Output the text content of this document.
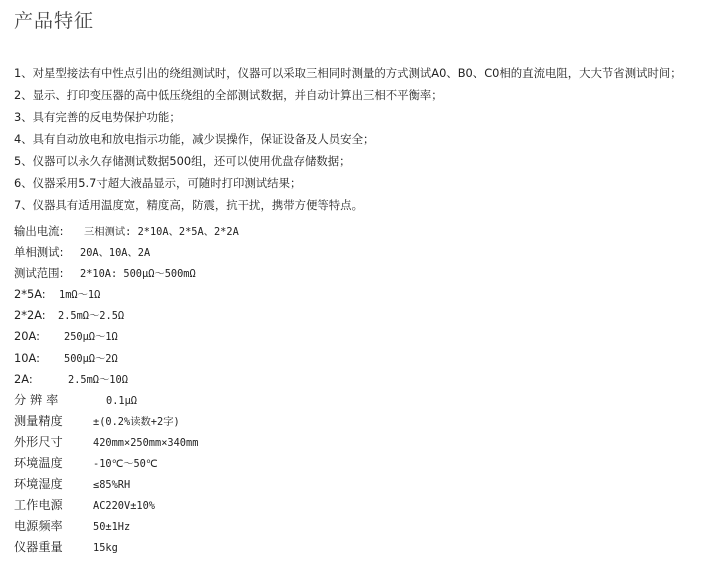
产品特征
1、对星型接法有中性点引出的绕组测试时，仪器可以采取三相同时测量的方式测试A0、B0、C0相的直流电阻，大大节省测试时间；
2、显示、打印变压器的高中低压绕组的全部测试数据，并自动计算出三相不平衡率；
3、具有完善的反电势保护功能；
4、具有自动放电和放电指示功能，减少误操作，保证设备及人员安全；
5、仪器可以永久存储测试数据500组，还可以使用优盘存储数据；
6、仪器采用5.7寸超大液晶显示，可随时打印测试结果；
7、仪器具有适用温度宽，精度高，防震，抗干扰，携带方便等特点。
输出电流: 三相测试: 2*10A、2*5A、2*2A
单相测试: 20A、10A、2A
测试范围: 2*10A: 500μΩ～500mΩ
2*5A: 1mΩ～1Ω
2*2A: 2.5mΩ～2.5Ω
20A: 250μΩ～1Ω
10A: 500μΩ～2Ω
2A:	2.5mΩ～10Ω
分 辨 率	0.1μΩ
测量精度	±(0.2%读数+2字)
外形尺寸	420mm×250mm×340mm
环境温度	-10℃～50℃
环境湿度	≤85%RH
工作电源	AC220V±10%
电源频率	50±1Hz
仪器重量	15kg
